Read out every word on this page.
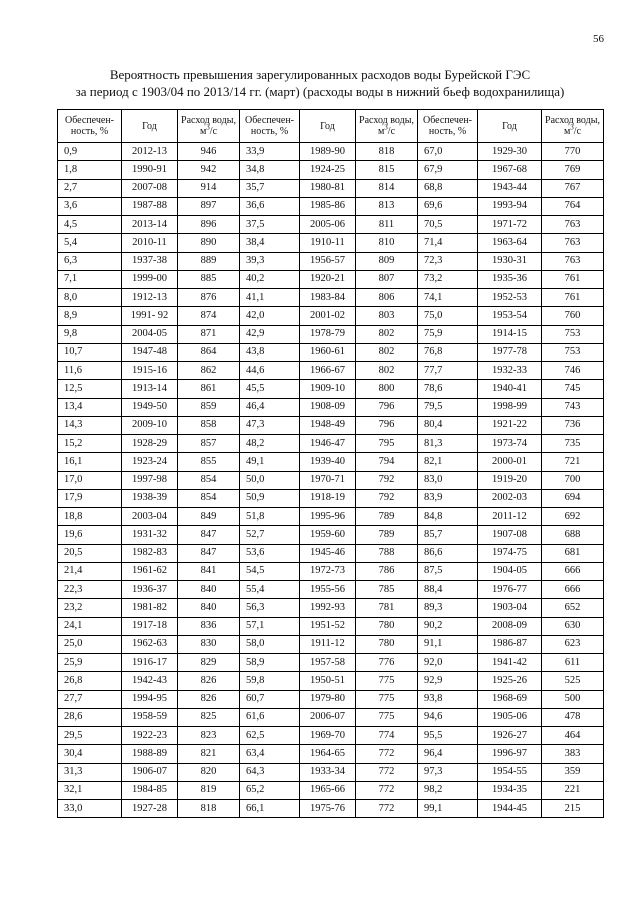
56
Вероятность превышения зарегулированных расходов воды Бурейской ГЭС
за период с 1903/04 по 2013/14 гг. (март) (расходы воды в нижний бьеф водохранилища)
Обеспечен-ность, %	Год	Расход воды, $м^3/с$	Обеспечен-ность, %	Год	Расход воды, $м^3/с$	Обеспечен-ность, %	Год	Расход воды, $м^3/с$
0,9	2012-13	946	33,9	1989-90	818	67,0	1929-30	770
1,8	1990-91	942	34,8	1924-25	815	67,9	1967-68	769
2,7	2007-08	914	35,7	1980-81	814	68,8	1943-44	767
3,6	1987-88	897	36,6	1985-86	813	69,6	1993-94	764
4,5	2013-14	896	37,5	2005-06	811	70,5	1971-72	763
5,4	2010-11	890	38,4	1910-11	810	71,4	1963-64	763
6,3	1937-38	889	39,3	1956-57	809	72,3	1930-31	763
7,1	1999-00	885	40,2	1920-21	807	73,2	1935-36	761
8,0	1912-13	876	41,1	1983-84	806	74,1	1952-53	761
8,9	1991- 92	874	42,0	2001-02	803	75,0	1953-54	760
9,8	2004-05	871	42,9	1978-79	802	75,9	1914-15	753
10,7	1947-48	864	43,8	1960-61	802	76,8	1977-78	753
11,6	1915-16	862	44,6	1966-67	802	77,7	1932-33	746
12,5	1913-14	861	45,5	1909-10	800	78,6	1940-41	745
13,4	1949-50	859	46,4	1908-09	796	79,5	1998-99	743
14,3	2009-10	858	47,3	1948-49	796	80,4	1921-22	736
15,2	1928-29	857	48,2	1946-47	795	81,3	1973-74	735
16,1	1923-24	855	49,1	1939-40	794	82,1	2000-01	721
17,0	1997-98	854	50,0	1970-71	792	83,0	1919-20	700
17,9	1938-39	854	50,9	1918-19	792	83,9	2002-03	694
18,8	2003-04	849	51,8	1995-96	789	84,8	2011-12	692
19,6	1931-32	847	52,7	1959-60	789	85,7	1907-08	688
20,5	1982-83	847	53,6	1945-46	788	86,6	1974-75	681
21,4	1961-62	841	54,5	1972-73	786	87,5	1904-05	666
22,3	1936-37	840	55,4	1955-56	785	88,4	1976-77	666
23,2	1981-82	840	56,3	1992-93	781	89,3	1903-04	652
24,1	1917-18	836	57,1	1951-52	780	90,2	2008-09	630
25,0	1962-63	830	58,0	1911-12	780	91,1	1986-87	623
25,9	1916-17	829	58,9	1957-58	776	92,0	1941-42	611
26,8	1942-43	826	59,8	1950-51	775	92,9	1925-26	525
27,7	1994-95	826	60,7	1979-80	775	93,8	1968-69	500
28,6	1958-59	825	61,6	2006-07	775	94,6	1905-06	478
29,5	1922-23	823	62,5	1969-70	774	95,5	1926-27	464
30,4	1988-89	821	63,4	1964-65	772	96,4	1996-97	383
31,3	1906-07	820	64,3	1933-34	772	97,3	1954-55	359
32,1	1984-85	819	65,2	1965-66	772	98,2	1934-35	221
33,0	1927-28	818	66,1	1975-76	772	99,1	1944-45	215
